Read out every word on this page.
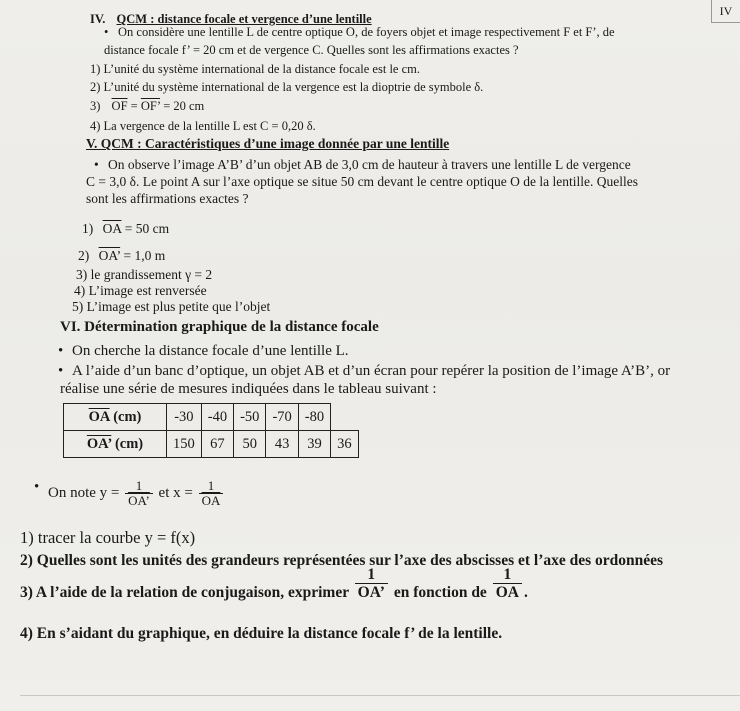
IV
IV. QCM : distance focale et vergence d’une lentille
• On considère une lentille L de centre optique O, de foyers objet et image respectivement F et F’, de
distance focale f’ = 20 cm et de vergence C. Quelles sont les affirmations exactes ?
1) L’unité du système international de la distance focale est le cm.
2) L’unité du système international de la vergence est la dioptrie de symbole δ.
3) $\overline{OF}$ = OF’ = 20 cm
4) La vergence de la lentille L est C = 0,20 δ.
V. QCM : Caractéristiques d’une image donnée par une lentille
• On observe l’image A’B’ d’un objet AB de 3,0 cm de hauteur à travers une lentille L de vergence
C = 3,0 δ. Le point A sur l’axe optique se situe 50 cm devant le centre optique O de la lentille. Quelles
sont les affirmations exactes ?
1) $\overline{OA} = 50$ cm
2) OA’ = 1,0 m
3) le grandissement γ = 2
4) L’image est renversée
5) L’image est plus petite que l’objet
VI. Détermination graphique de la distance focale
• On cherche la distance focale d’une lentille L.
• A l’aide d’un banc d’optique, un objet AB et d’un écran pour repérer la position de l’image A’B’, or
réalise une série de mesures indiquées dans le tableau suivant :
$\overline{OA}$ (cm)	-30	-40	-50	-70	-80	
OA’ (cm)	150	67	50	43	39	36
• On note $y = \frac{1}{OA’}$ et $x = \frac{1}{OA}$
1) tracer la courbe y = f(x)
2) Quelles sont les unités des grandeurs représentées sur l’axe des abscisses et l’axe des ordonnées
3) A l’aide de la relation de conjugaison, exprimer $\frac{1}{OA’}$ en fonction de $\frac{1}{OA}$ .
4) En s’aidant du graphique, en déduire la distance focale f’ de la lentille.
